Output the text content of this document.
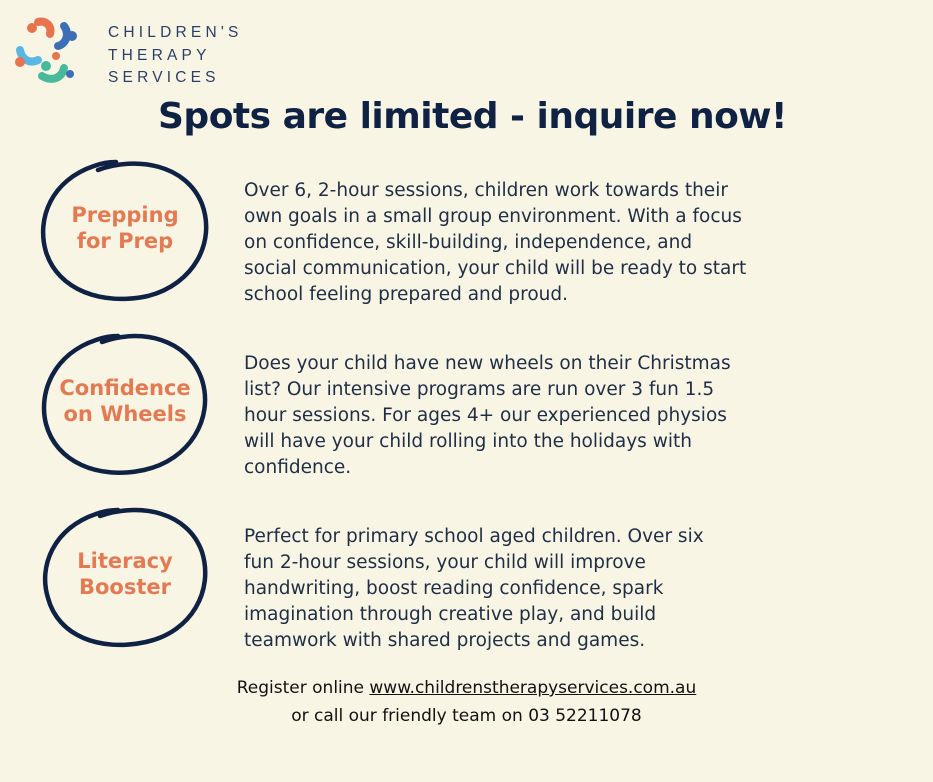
CHILDREN'S
THERAPY
SERVICES
Spots are limited - inquire now!
Prepping
for Prep
Over 6, 2-hour sessions, children work towards their
own goals in a small group environment. With a focus
on confidence, skill-building, independence, and
social communication, your child will be ready to start
school feeling prepared and proud.
Confidence
on Wheels
Does your child have new wheels on their Christmas
list? Our intensive programs are run over 3 fun 1.5
hour sessions. For ages 4+ our experienced physios
will have your child rolling into the holidays with
confidence.
Literacy
Booster
Perfect for primary school aged children. Over six
fun 2-hour sessions, your child will improve
handwriting, boost reading confidence, spark
imagination through creative play, and build
teamwork with shared projects and games.
Register online www.childrenstherapyservices.com.au
or call our friendly team on 03 52211078
